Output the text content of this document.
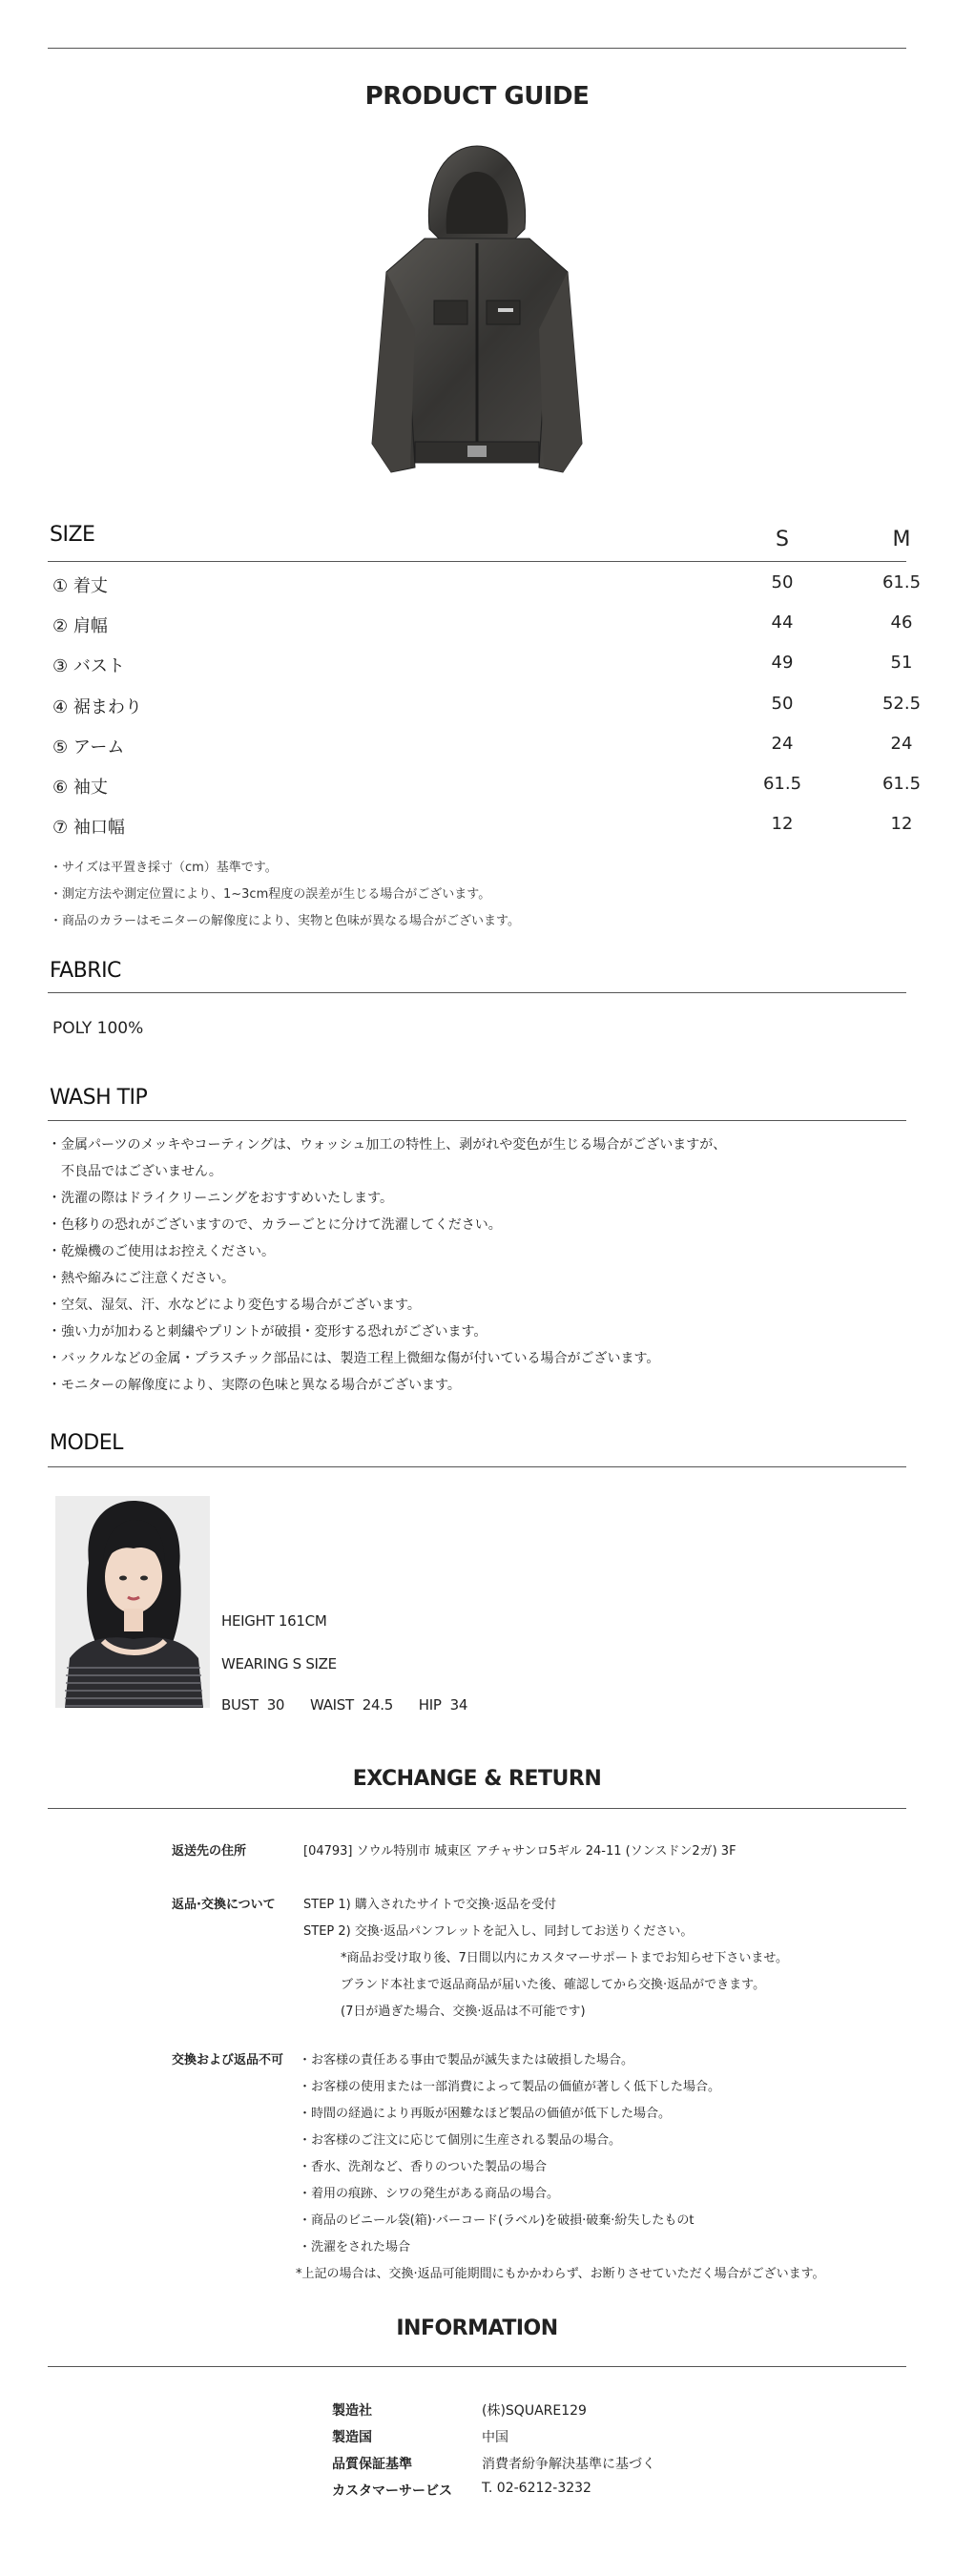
PRODUCT GUIDE
SIZE	S	M
① 着丈	50	61.5
② 肩幅	44	46
③ バスト	49	51
④ 裾まわり	50	52.5
⑤ アーム	24	24
⑥ 袖丈	61.5	61.5
⑦ 袖口幅	12	12
・サイズは平置き採寸（cm）基準です。
・測定方法や測定位置により、1~3cm程度の誤差が生じる場合がございます。
・商品のカラーはモニターの解像度により、実物と色味が異なる場合がございます。
FABRIC
POLY 100%
WASH TIP
・金属パーツのメッキやコーティングは、ウォッシュ加工の特性上、剥がれや変色が生じる場合がございますが、
　不良品ではございません。
・洗濯の際はドライクリーニングをおすすめいたします。
・色移りの恐れがございますので、カラーごとに分けて洗濯してください。
・乾燥機のご使用はお控えください。
・熱や縮みにご注意ください。
・空気、湿気、汗、水などにより変色する場合がございます。
・強い力が加わると刺繍やプリントが破損・変形する恐れがございます。
・バックルなどの金属・プラスチック部品には、製造工程上微細な傷が付いている場合がございます。
・モニターの解像度により、実際の色味と異なる場合がございます。
MODEL
HEIGHT 161CM
WEARING S SIZE
BUST  30      WAIST  24.5      HIP  34
EXCHANGE & RETURN
返送先の住所	[04793] ソウル特別市 城東区 アチャサンロ5ギル 24-11 (ソンスドン2ガ) 3F
返品·交換について STEP 1) 購入されたサイトで交換·返品を受付
STEP 2) 交換·返品パンフレットを記入し、同封してお送りください。
*商品お受け取り後、7日間以内にカスタマーサポートまでお知らせ下さいませ。
ブランド本社まで返品商品が届いた後、確認してから交換·返品ができます。
(7日が過ぎた場合、交換·返品は不可能です)
交換および返品不可 ・お客様の責任ある事由で製品が滅失または破損した場合。
・お客様の使用または一部消費によって製品の価値が著しく低下した場合。
・時間の経過により再販が困難なほど製品の価値が低下した場合。
・お客様のご注文に応じて個別に生産される製品の場合。
・香水、洗剤など、香りのついた製品の場合
・着用の痕跡、シワの発生がある商品の場合。
・商品のビニール袋(箱)·バーコード(ラベル)を破損·破棄·紛失したものt
・洗濯をされた場合
*上記の場合は、交換·返品可能期間にもかかわらず、お断りさせていただく場合がございます。
INFORMATION
製造社	(株)SQUARE129
製造国	中国
品質保証基準	消費者紛争解決基準に基づく
カスタマーサービス T. 02-6212-3232
